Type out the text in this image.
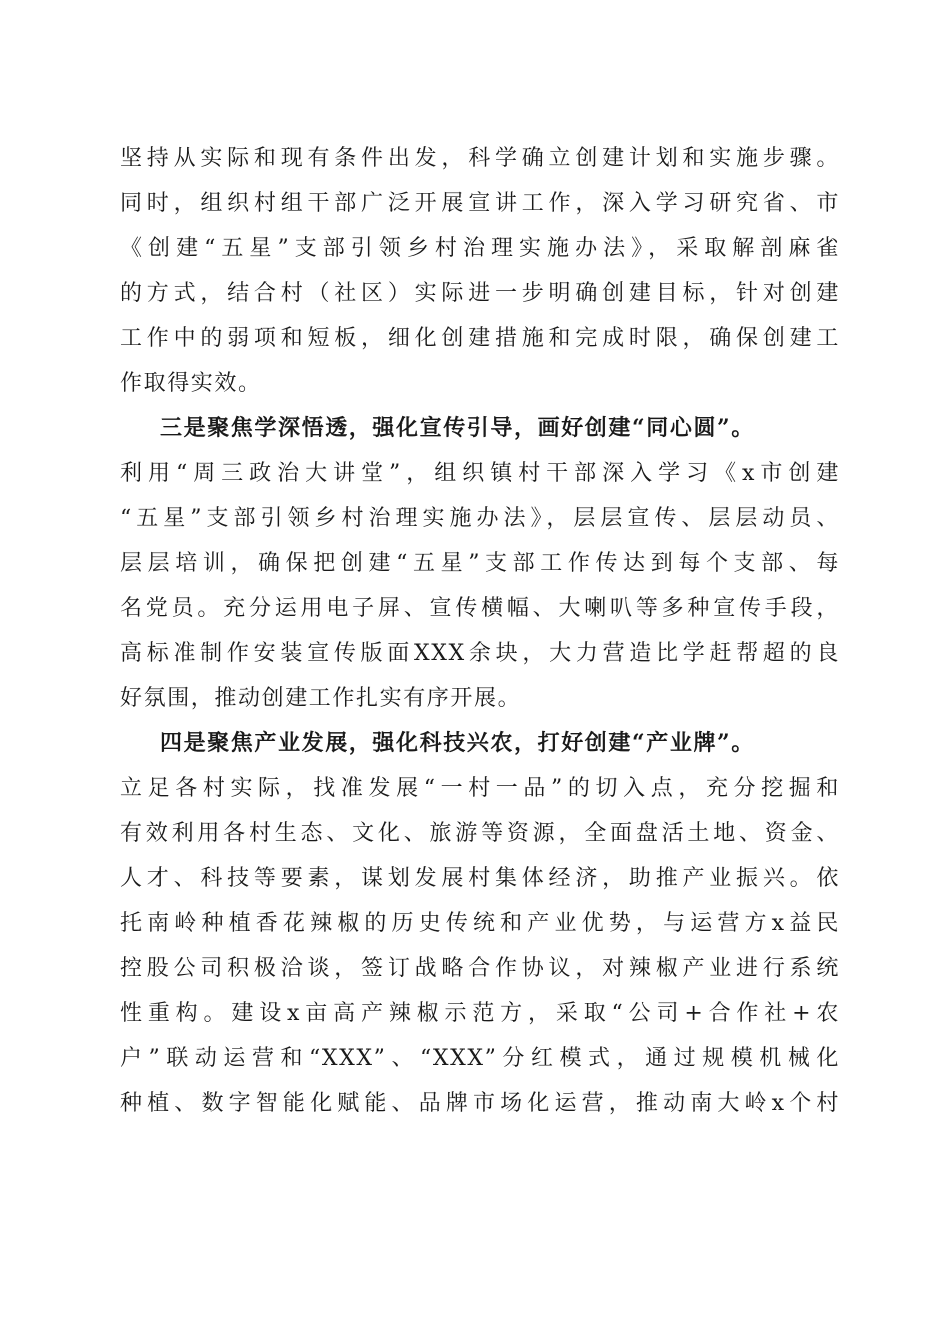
坚持从实际和现有条件出发，科学确立创建计划和实施步骤。
同时，组织村组干部广泛开展宣讲工作，深入学习研究省、市
《创建“五星”支部引领乡村治理实施办法》，采取解剖麻雀
的方式，结合村（社区）实际进一步明确创建目标，针对创建
工作中的弱项和短板，细化创建措施和完成时限，确保创建工
作取得实效。
三是聚焦学深悟透，强化宣传引导，画好创建“同心圆”。
利用“周三政治大讲堂”，组织镇村干部深入学习《x市创建
“五星”支部引领乡村治理实施办法》，层层宣传、层层动员、
层层培训，确保把创建“五星”支部工作传达到每个支部、每
名党员。充分运用电子屏、宣传横幅、大喇叭等多种宣传手段，
高标准制作安装宣传版面XXX余块，大力营造比学赶帮超的良
好氛围，推动创建工作扎实有序开展。
四是聚焦产业发展，强化科技兴农，打好创建“产业牌”。
立足各村实际，找准发展“一村一品”的切入点，充分挖掘和
有效利用各村生态、文化、旅游等资源，全面盘活土地、资金、
人才、科技等要素，谋划发展村集体经济，助推产业振兴。依
托南岭种植香花辣椒的历史传统和产业优势，与运营方x益民
控股公司积极洽谈，签订战略合作协议，对辣椒产业进行系统
性重构。建设x亩高产辣椒示范方，采取“公司+合作社+农
户”联动运营和“XXX”、“XXX”分红模式，通过规模机械化
种植、数字智能化赋能、品牌市场化运营，推动南大岭x个村
